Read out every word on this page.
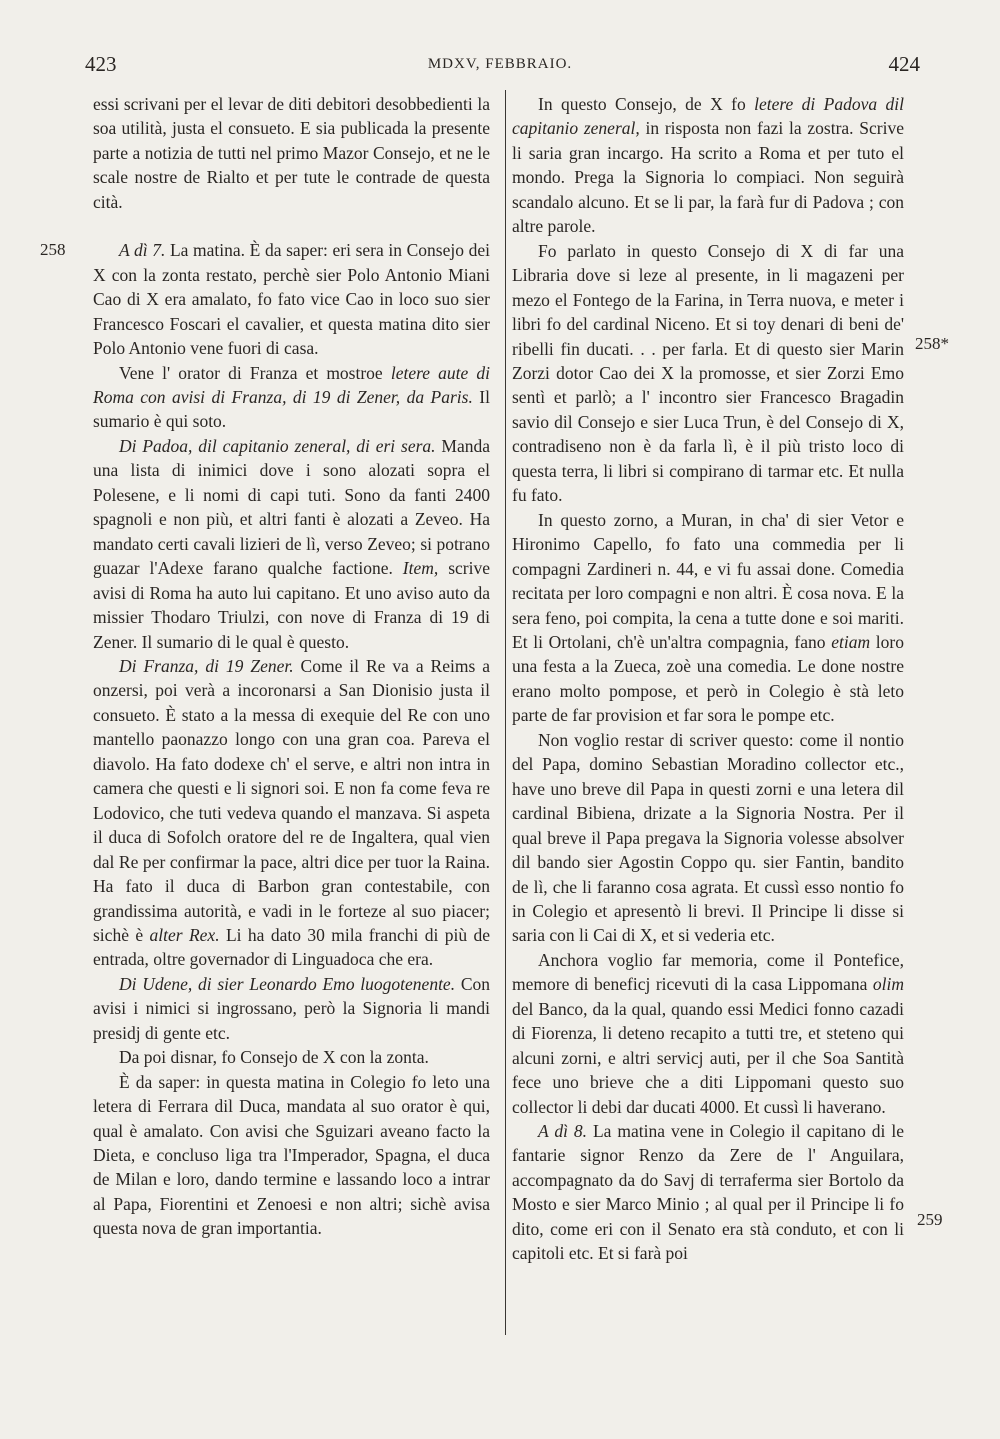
423	MDXV, FEBBRAIO.	424
258
258*
259

essi scrivani per el levar de diti debitori desobbedienti la soa utilità, justa el consueto. E sia publicada la presente parte a notizia de tutti nel primo Mazor Consejo, et ne le scale nostre de Rialto et per tute le contrade de questa cità.

A dì 7. La matina. È da saper: eri sera in Consejo dei X con la zonta restato, perchè sier Polo Antonio Miani Cao di X era amalato, fo fato vice Cao in loco suo sier Francesco Foscari el cavalier, et questa matina dito sier Polo Antonio vene fuori di casa.

Vene l' orator di Franza et mostroe letere aute di Roma con avisi di Franza, di 19 di Zener, da Paris. Il sumario è qui soto.

Di Padoa, dil capitanio zeneral, di eri sera. Manda una lista di inimici dove i sono alozati sopra el Polesene, e li nomi di capi tuti. Sono da fanti 2400 spagnoli e non più, et altri fanti è alozati a Zeveo. Ha mandato certi cavali lizieri de lì, verso Zeveo; si potrano guazar l'Adexe farano qualche factione. Item, scrive avisi di Roma ha auto lui capitano. Et uno aviso auto da missier Thodaro Triulzi, con nove di Franza di 19 di Zener. Il sumario di le qual è questo.

Di Franza, di 19 Zener. Come il Re va a Reims a onzersi, poi verà a incoronarsi a San Dionisio justa il consueto. È stato a la messa di exequie del Re con uno mantello paonazzo longo con una gran coa. Pareva el diavolo. Ha fato dodexe ch' el serve, e altri non intra in camera che questi e li signori soi. E non fa come feva re Lodovico, che tuti vedeva quando el manzava. Si aspeta il duca di Sofolch oratore del re de Ingaltera, qual vien dal Re per confirmar la pace, altri dice per tuor la Raina. Ha fato il duca di Barbon gran contestabile, con grandissima autorità, e vadi in le forteze al suo piacer; sichè è alter Rex. Li ha dato 30 mila franchi di più de entrada, oltre governador di Linguadoca che era.

Di Udene, di sier Leonardo Emo luogotenente. Con avisi i nimici si ingrossano, però la Signoria li mandi presidj di gente etc.

Da poi disnar, fo Consejo de X con la zonta.

È da saper: in questa matina in Colegio fo leto una letera di Ferrara dil Duca, mandata al suo orator è qui, qual è amalato. Con avisi che Sguizari aveano facto la Dieta, e concluso liga tra l'Imperador, Spagna, el duca de Milan e loro, dando termine e lassando loco a intrar al Papa, Fiorentini et Zenoesi e non altri; sichè avisa questa nova de gran importantia.

In questo Consejo, de X fo letere di Padova dil capitanio zeneral, in risposta non fazi la zostra. Scrive li saria gran incargo. Ha scrito a Roma et per tuto el mondo. Prega la Signoria lo compiaci. Non seguirà scandalo alcuno. Et se li par, la farà fur di Padova ; con altre parole.

Fo parlato in questo Consejo di X di far una Libraria dove si leze al presente, in li magazeni per mezo el Fontego de la Farina, in Terra nuova, e meter i libri fo del cardinal Niceno. Et si toy denari di beni de' ribelli fin ducati. . . per farla. Et di questo sier Marin Zorzi dotor Cao dei X la promosse, et sier Zorzi Emo sentì et parlò; a l' incontro sier Francesco Bragadin savio dil Consejo e sier Luca Trun, è del Consejo di X, contradiseno non è da farla lì, è il più tristo loco di questa terra, li libri si compirano di tarmar etc. Et nulla fu fato.

In questo zorno, a Muran, in cha' di sier Vetor e Hironimo Capello, fo fato una commedia per li compagni Zardineri n. 44, e vi fu assai done. Comedia recitata per loro compagni e non altri. È cosa nova. E la sera feno, poi compita, la cena a tutte done e soi mariti. Et li Ortolani, ch'è un'altra compagnia, fano etiam loro una festa a la Zueca, zoè una comedia. Le done nostre erano molto pompose, et però in Colegio è stà leto parte de far provision et far sora le pompe etc.

Non voglio restar di scriver questo: come il nontio del Papa, domino Sebastian Moradino collector etc., have uno breve dil Papa in questi zorni e una letera dil cardinal Bibiena, drizate a la Signoria Nostra. Per il qual breve il Papa pregava la Signoria volesse absolver dil bando sier Agostin Coppo qu. sier Fantin, bandito de lì, che li faranno cosa agrata. Et cussì esso nontio fo in Colegio et apresentò li brevi. Il Principe li disse si saria con li Cai di X, et si vederia etc.

Anchora voglio far memoria, come il Pontefice, memore di beneficj ricevuti di la casa Lippomana olim del Banco, da la qual, quando essi Medici fonno cazadi di Fiorenza, li deteno recapito a tutti tre, et steteno qui alcuni zorni, e altri servicj auti, per il che Soa Santità fece uno brieve che a diti Lippomani questo suo collector li debi dar ducati 4000. Et cussì li haverano.

A dì 8. La matina vene in Colegio il capitano di le fantarie signor Renzo da Zere de l' Anguilara, accompagnato da do Savj di terraferma sier Bortolo da Mosto e sier Marco Minio ; al qual per il Principe li fo dito, come eri con il Senato era stà conduto, et con li capitoli etc. Et si farà poi
